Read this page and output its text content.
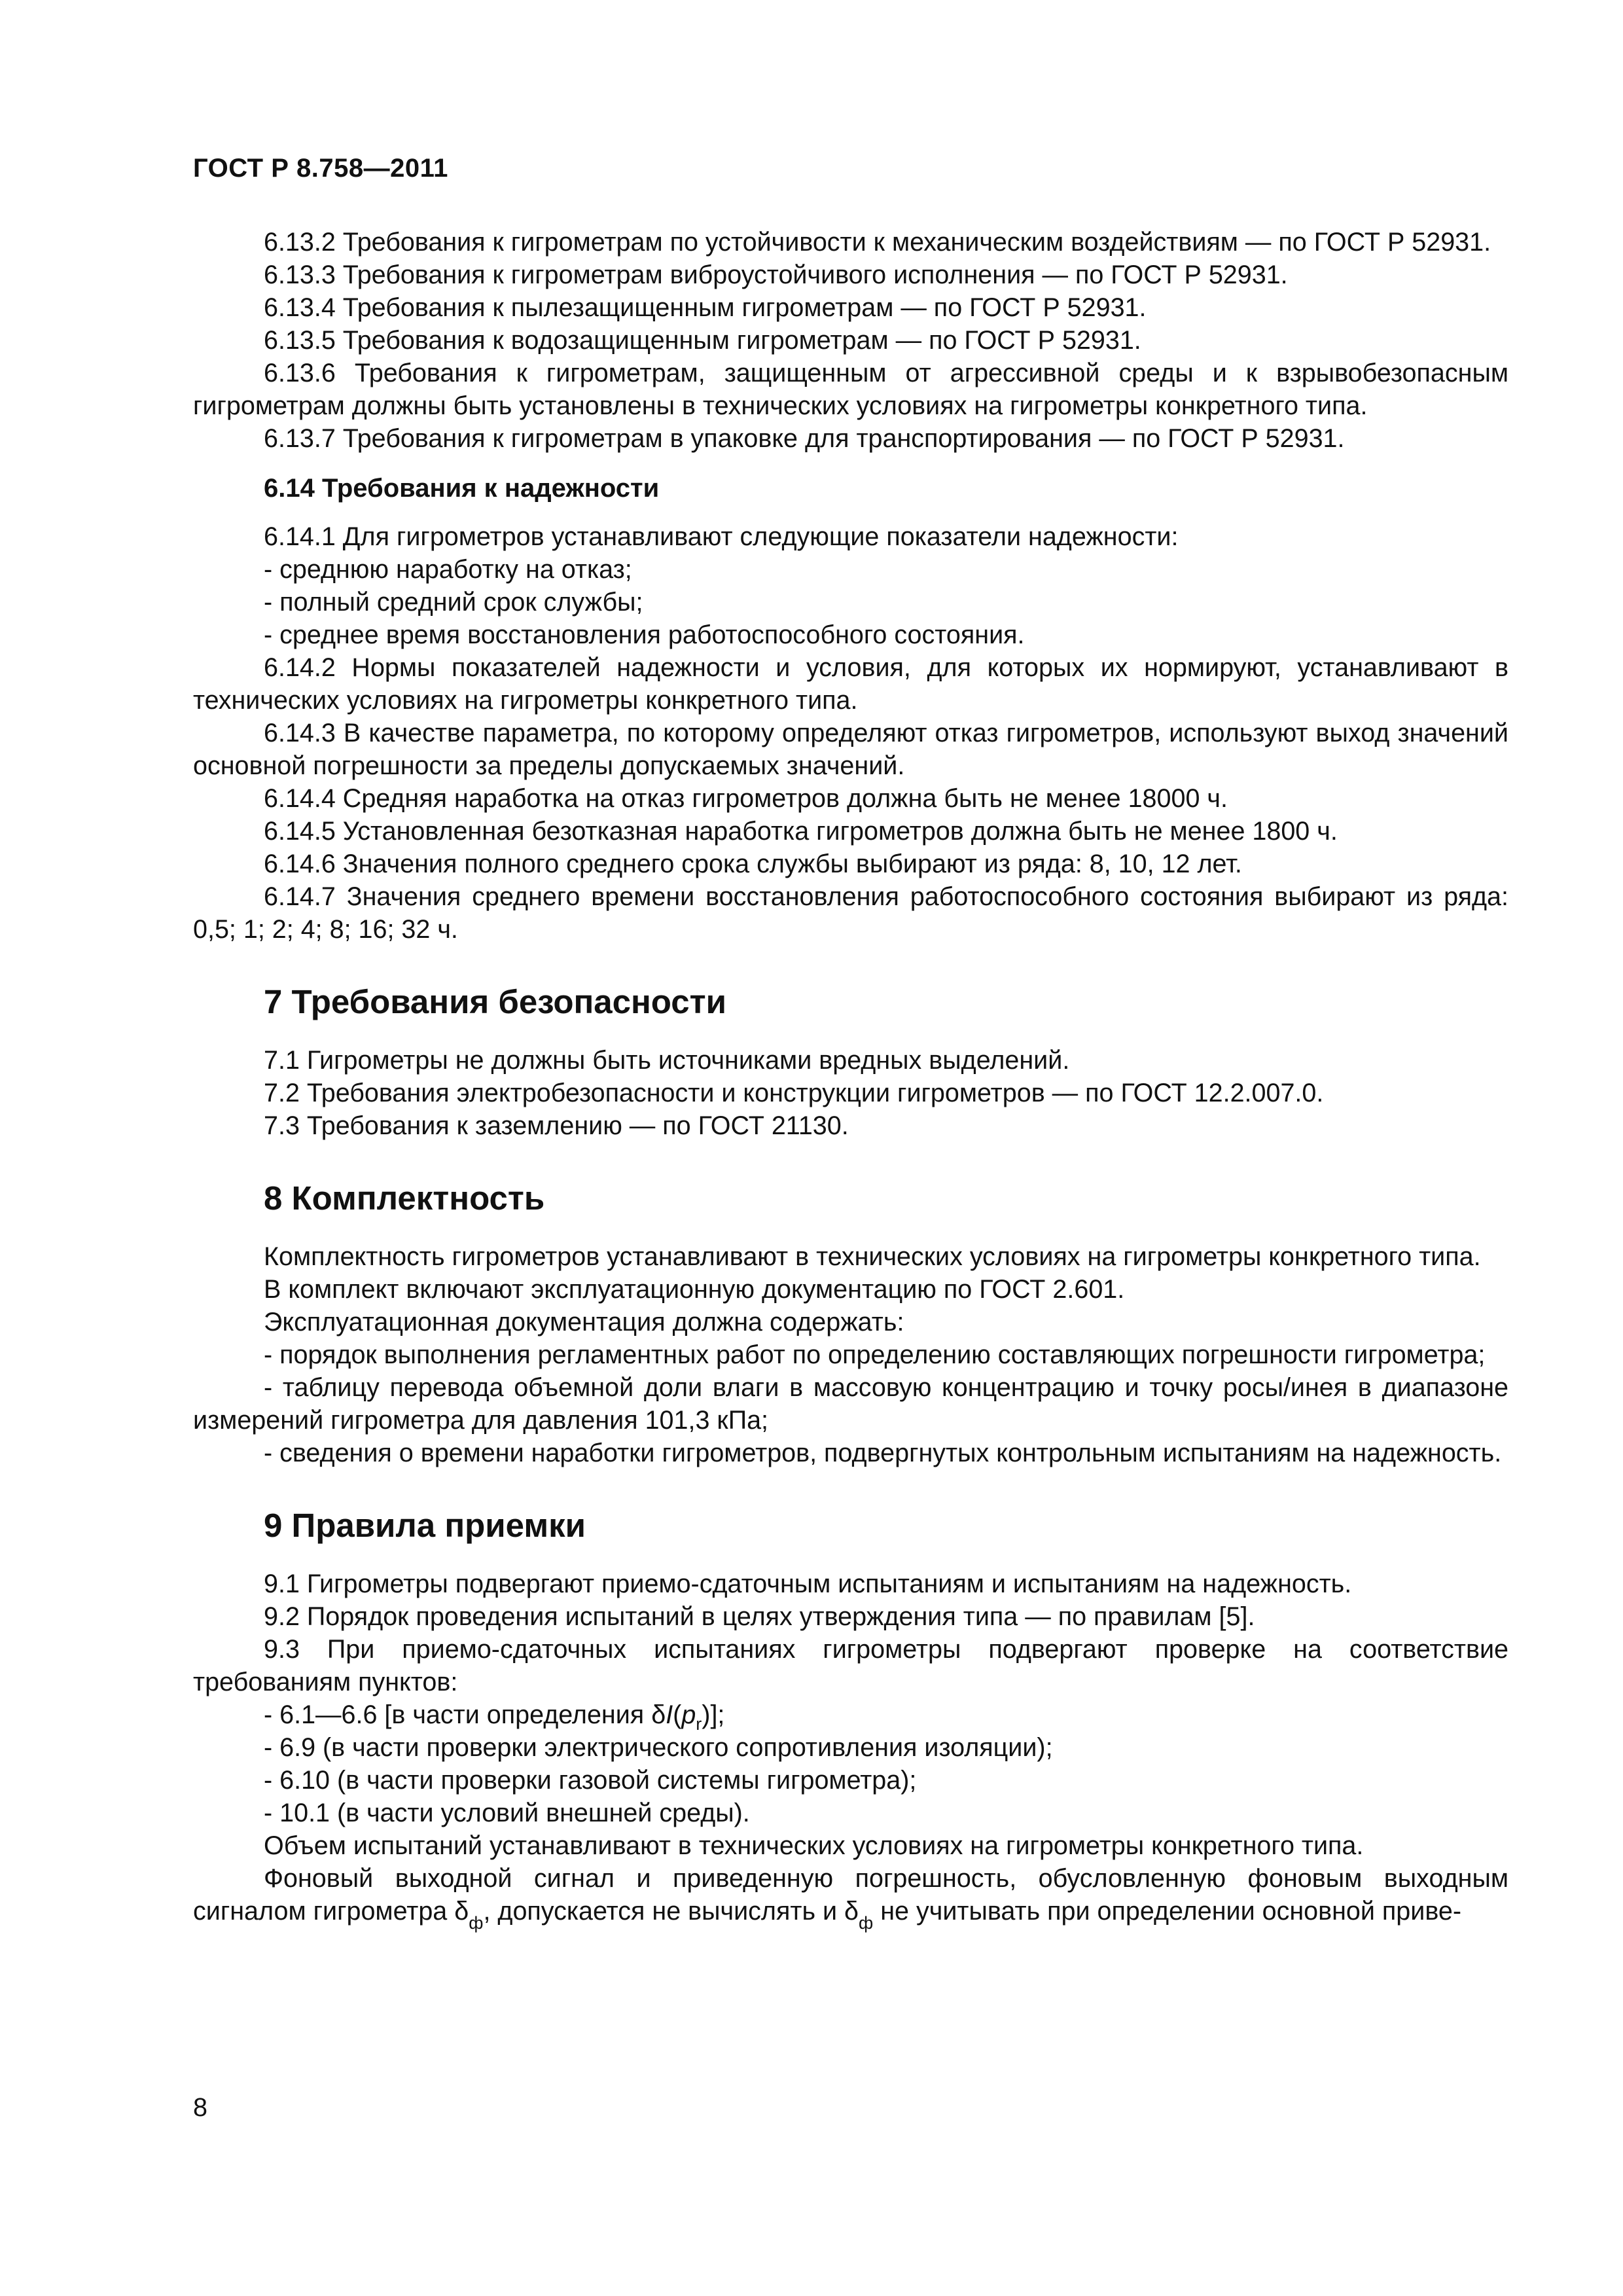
ГОСТ Р 8.758—2011

6.13.2 Требования к гигрометрам по устойчивости к механическим воздействиям — по ГОСТ Р 52931.

6.13.3 Требования к гигрометрам виброустойчивого исполнения — по ГОСТ Р 52931.

6.13.4 Требования к пылезащищенным гигрометрам — по ГОСТ Р 52931.

6.13.5 Требования к водозащищенным гигрометрам — по ГОСТ Р 52931.

6.13.6 Требования к гигрометрам, защищенным от агрессивной среды и к взрывобезопасным гигрометрам должны быть установлены в технических условиях на гигрометры конкретного типа.

6.13.7 Требования к гигрометрам в упаковке для транспортирования — по ГОСТ Р 52931.

6.14 Требования к надежности

6.14.1 Для гигрометров устанавливают следующие показатели надежности:

- среднюю наработку на отказ;

- полный средний срок службы;

- среднее время восстановления работоспособного состояния.

6.14.2 Нормы показателей надежности и условия, для которых их нормируют, устанавливают в технических условиях на гигрометры конкретного типа.

6.14.3 В качестве параметра, по которому определяют отказ гигрометров, используют выход значений основной погрешности за пределы допускаемых значений.

6.14.4 Средняя наработка на отказ гигрометров должна быть не менее 18000 ч.

6.14.5 Установленная безотказная наработка гигрометров должна быть не менее 1800 ч.

6.14.6 Значения полного среднего срока службы выбирают из ряда: 8, 10, 12 лет.

6.14.7 Значения среднего времени восстановления работоспособного состояния выбирают из ряда: 0,5; 1; 2; 4; 8; 16; 32 ч.

7 Требования безопасности

7.1 Гигрометры не должны быть источниками вредных выделений.

7.2 Требования электробезопасности и конструкции гигрометров — по ГОСТ 12.2.007.0.

7.3 Требования к заземлению — по ГОСТ 21130.

8 Комплектность

Комплектность гигрометров устанавливают в технических условиях на гигрометры конкретного типа.

В комплект включают эксплуатационную документацию по ГОСТ 2.601.

Эксплуатационная документация должна содержать:

- порядок выполнения регламентных работ по определению составляющих погрешности гигрометра;

- таблицу перевода объемной доли влаги в массовую концентрацию и точку росы/инея в диапазоне измерений гигрометра для давления 101,3 кПа;

- сведения о времени наработки гигрометров, подвергнутых контрольным испытаниям на надежность.

9 Правила приемки

9.1 Гигрометры подвергают приемо-сдаточным испытаниям и испытаниям на надежность.

9.2 Порядок проведения испытаний в целях утверждения типа — по правилам [5].

9.3 При приемо-сдаточных испытаниях гигрометры подвергают проверке на соответствие требованиям пунктов:

- 6.1—6.6 [в части определения $\delta I(p_r)$];

- 6.9 (в части проверки электрического сопротивления изоляции);

- 6.10 (в части проверки газовой системы гигрометра);

- 10.1 (в части условий внешней среды).

Объем испытаний устанавливают в технических условиях на гигрометры конкретного типа.

Фоновый выходной сигнал и приведенную погрешность, обусловленную фоновым выходным сигналом гигрометра $\delta_ф$, допускается не вычислять и $\delta_ф$ не учитывать при определении основной приве-

8
